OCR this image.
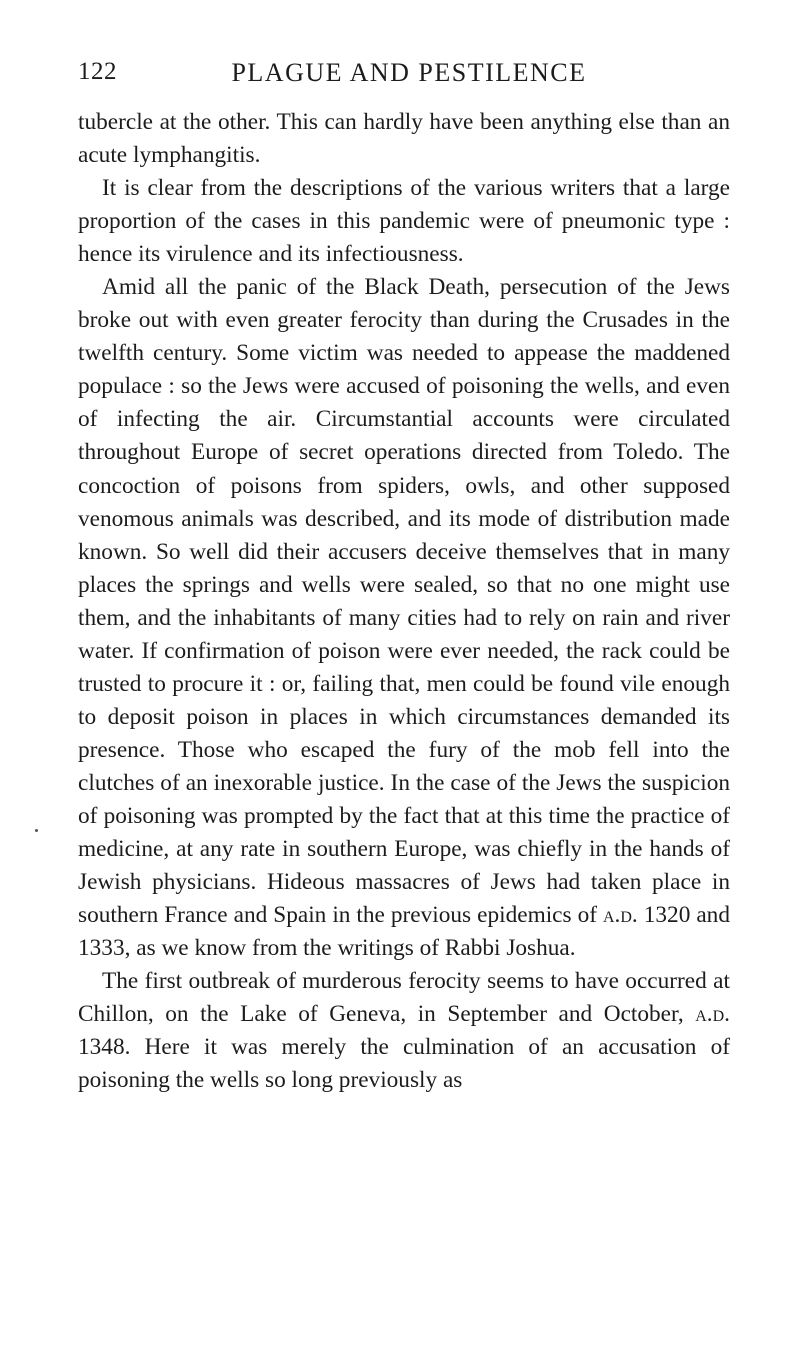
122	PLAGUE AND PESTILENCE

tubercle at the other. This can hardly have been anything else than an acute lymphangitis.

It is clear from the descriptions of the various writers that a large proportion of the cases in this pandemic were of pneumonic type : hence its virulence and its infectiousness.

Amid all the panic of the Black Death, persecution of the Jews broke out with even greater ferocity than during the Crusades in the twelfth century. Some victim was needed to appease the maddened populace : so the Jews were accused of poisoning the wells, and even of infecting the air. Circumstantial accounts were circulated throughout Europe of secret operations directed from Toledo. The concoction of poisons from spiders, owls, and other supposed venomous animals was described, and its mode of distribution made known. So well did their accusers deceive themselves that in many places the springs and wells were sealed, so that no one might use them, and the inhabitants of many cities had to rely on rain and river water. If confirmation of poison were ever needed, the rack could be trusted to procure it : or, failing that, men could be found vile enough to deposit poison in places in which circumstances demanded its presence. Those who escaped the fury of the mob fell into the clutches of an inexorable justice. In the case of the Jews the suspicion of poisoning was prompted by the fact that at this time the practice of medicine, at any rate in southern Europe, was chiefly in the hands of Jewish physicians. Hideous massacres of Jews had taken place in southern France and Spain in the previous epidemics of a.d. 1320 and 1333, as we know from the writings of Rabbi Joshua.

The first outbreak of murderous ferocity seems to have occurred at Chillon, on the Lake of Geneva, in September and October, a.d. 1348. Here it was merely the culmination of an accusation of poisoning the wells so long previously as
